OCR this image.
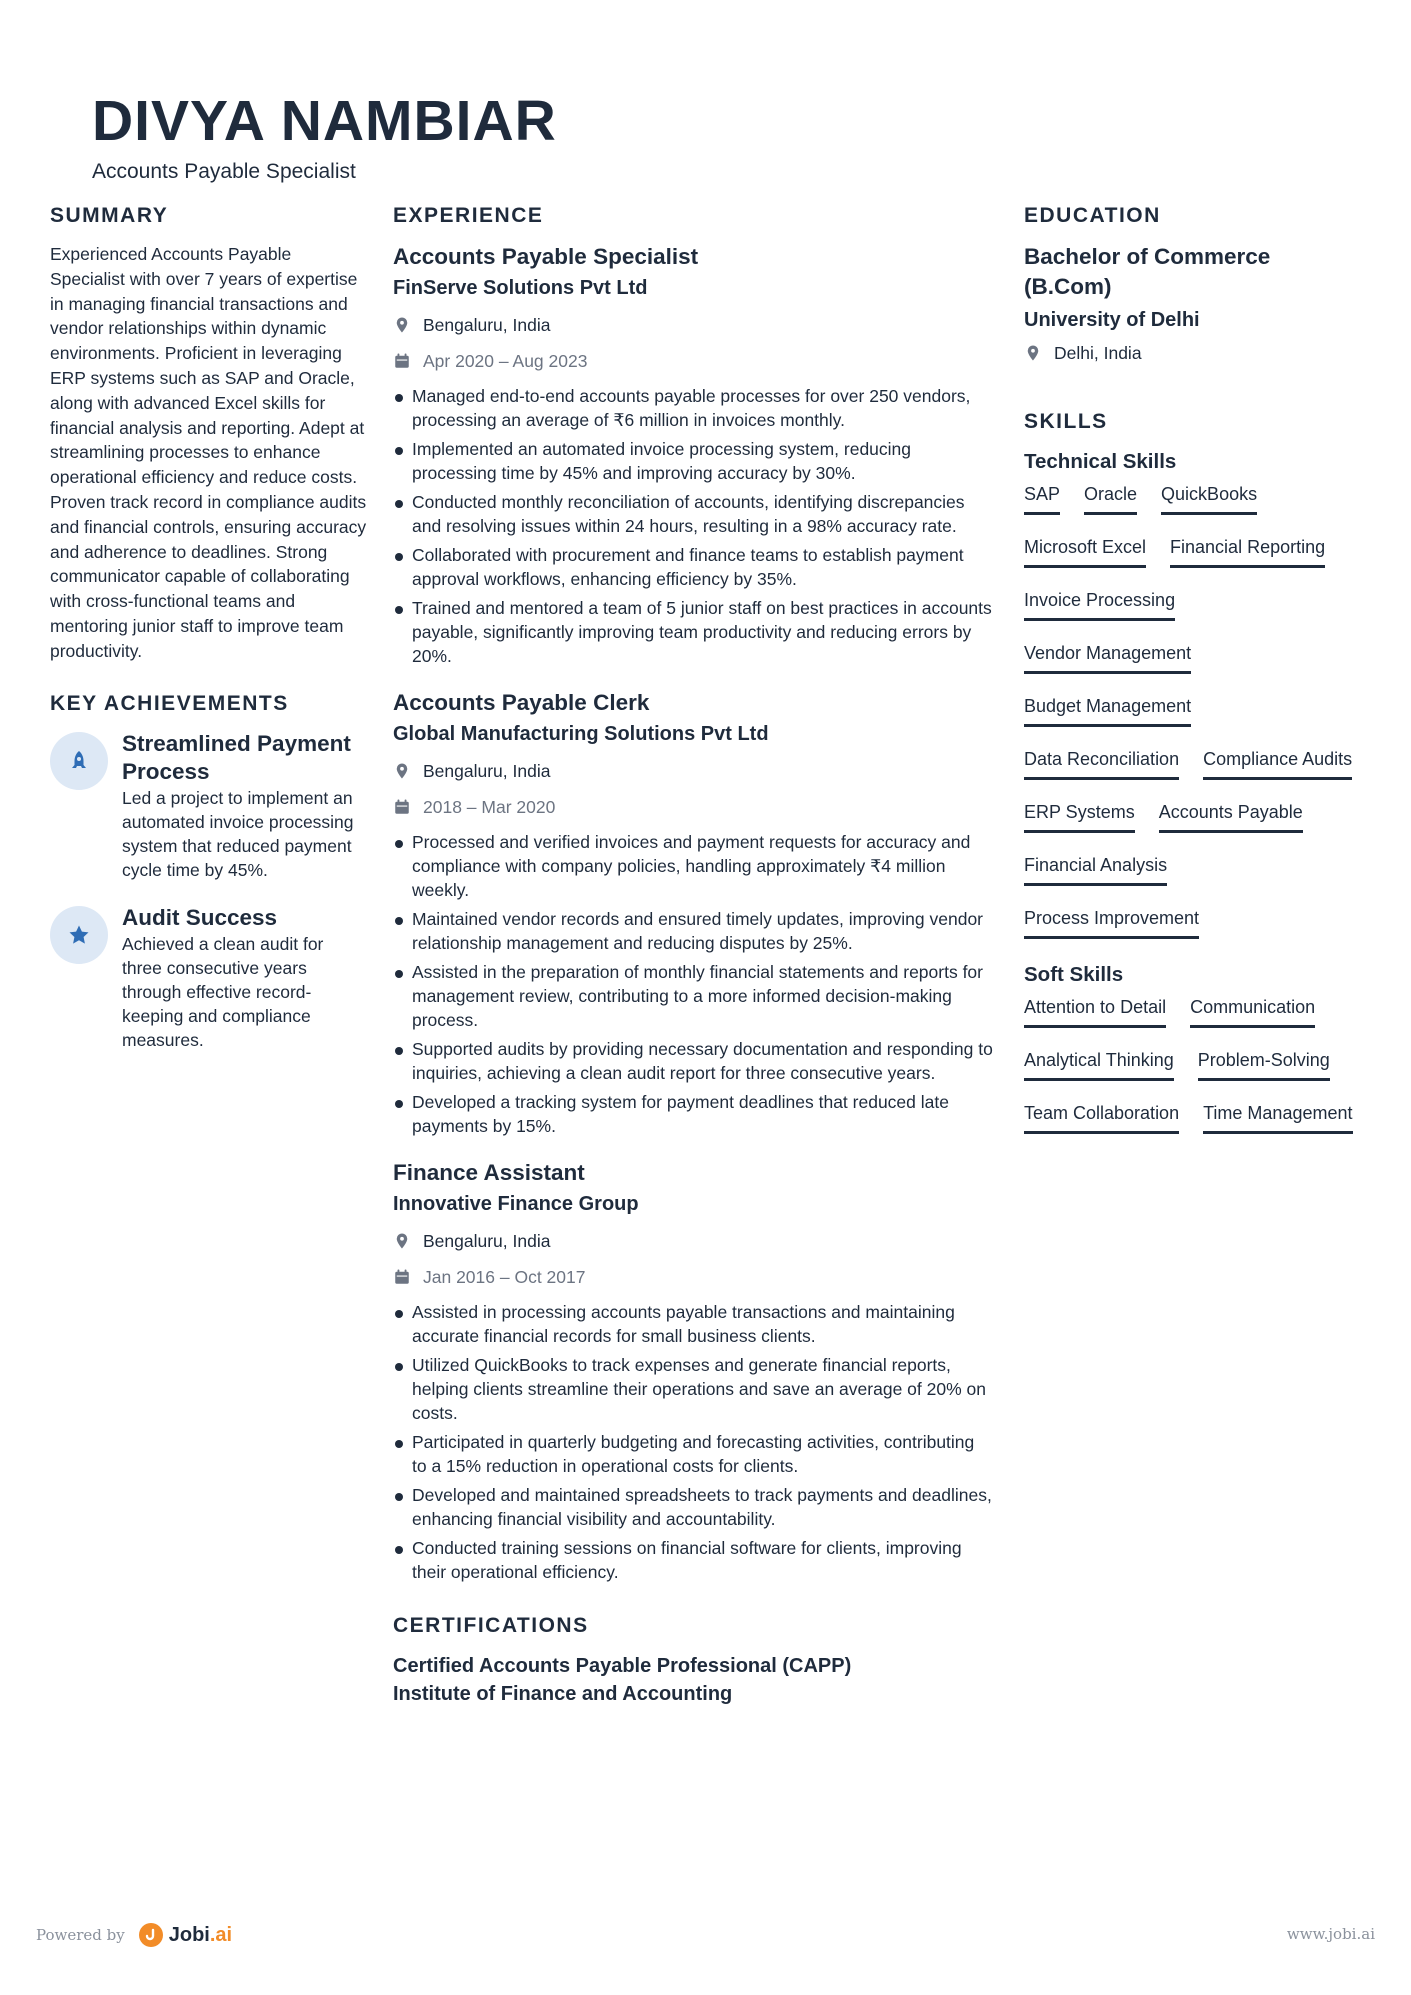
DIVYA NAMBIAR
Accounts Payable Specialist
SUMMARY
Experienced Accounts Payable Specialist with over 7 years of expertise in managing financial transactions and vendor relationships within dynamic environments. Proficient in leveraging ERP systems such as SAP and Oracle, along with advanced Excel skills for financial analysis and reporting. Adept at streamlining processes to enhance operational efficiency and reduce costs. Proven track record in compliance audits and financial controls, ensuring accuracy and adherence to deadlines. Strong communicator capable of collaborating with cross-functional teams and mentoring junior staff to improve team productivity.
KEY ACHIEVEMENTS
Streamlined Payment Process
Led a project to implement an automated invoice processing system that reduced payment cycle time by 45%.
Audit Success
Achieved a clean audit for three consecutive years through effective record-keeping and compliance measures.
EXPERIENCE
Accounts Payable Specialist
FinServe Solutions Pvt Ltd
Bengaluru, India
Apr 2020 – Aug 2023
Managed end-to-end accounts payable processes for over 250 vendors, processing an average of ₹6 million in invoices monthly.
Implemented an automated invoice processing system, reducing processing time by 45% and improving accuracy by 30%.
Conducted monthly reconciliation of accounts, identifying discrepancies and resolving issues within 24 hours, resulting in a 98% accuracy rate.
Collaborated with procurement and finance teams to establish payment approval workflows, enhancing efficiency by 35%.
Trained and mentored a team of 5 junior staff on best practices in accounts payable, significantly improving team productivity and reducing errors by 20%.
Accounts Payable Clerk
Global Manufacturing Solutions Pvt Ltd
Bengaluru, India
2018 – Mar 2020
Processed and verified invoices and payment requests for accuracy and compliance with company policies, handling approximately ₹4 million weekly.
Maintained vendor records and ensured timely updates, improving vendor relationship management and reducing disputes by 25%.
Assisted in the preparation of monthly financial statements and reports for management review, contributing to a more informed decision-making process.
Supported audits by providing necessary documentation and responding to inquiries, achieving a clean audit report for three consecutive years.
Developed a tracking system for payment deadlines that reduced late payments by 15%.
Finance Assistant
Innovative Finance Group
Bengaluru, India
Jan 2016 – Oct 2017
Assisted in processing accounts payable transactions and maintaining accurate financial records for small business clients.
Utilized QuickBooks to track expenses and generate financial reports, helping clients streamline their operations and save an average of 20% on costs.
Participated in quarterly budgeting and forecasting activities, contributing to a 15% reduction in operational costs for clients.
Developed and maintained spreadsheets to track payments and deadlines, enhancing financial visibility and accountability.
Conducted training sessions on financial software for clients, improving their operational efficiency.
CERTIFICATIONS
Certified Accounts Payable Professional (CAPP)
Institute of Finance and Accounting
EDUCATION
Bachelor of Commerce (B.Com)
University of Delhi
Delhi, India
SKILLS
Technical Skills
SAP Oracle QuickBooks
Microsoft Excel Financial Reporting
Invoice Processing
Vendor Management
Budget Management
Data Reconciliation Compliance Audits
ERP Systems Accounts Payable
Financial Analysis
Process Improvement
Soft Skills
Attention to Detail Communication
Analytical Thinking Problem-Solving
Team Collaboration Time Management
Powered by Jobi.ai	www.jobi.ai
